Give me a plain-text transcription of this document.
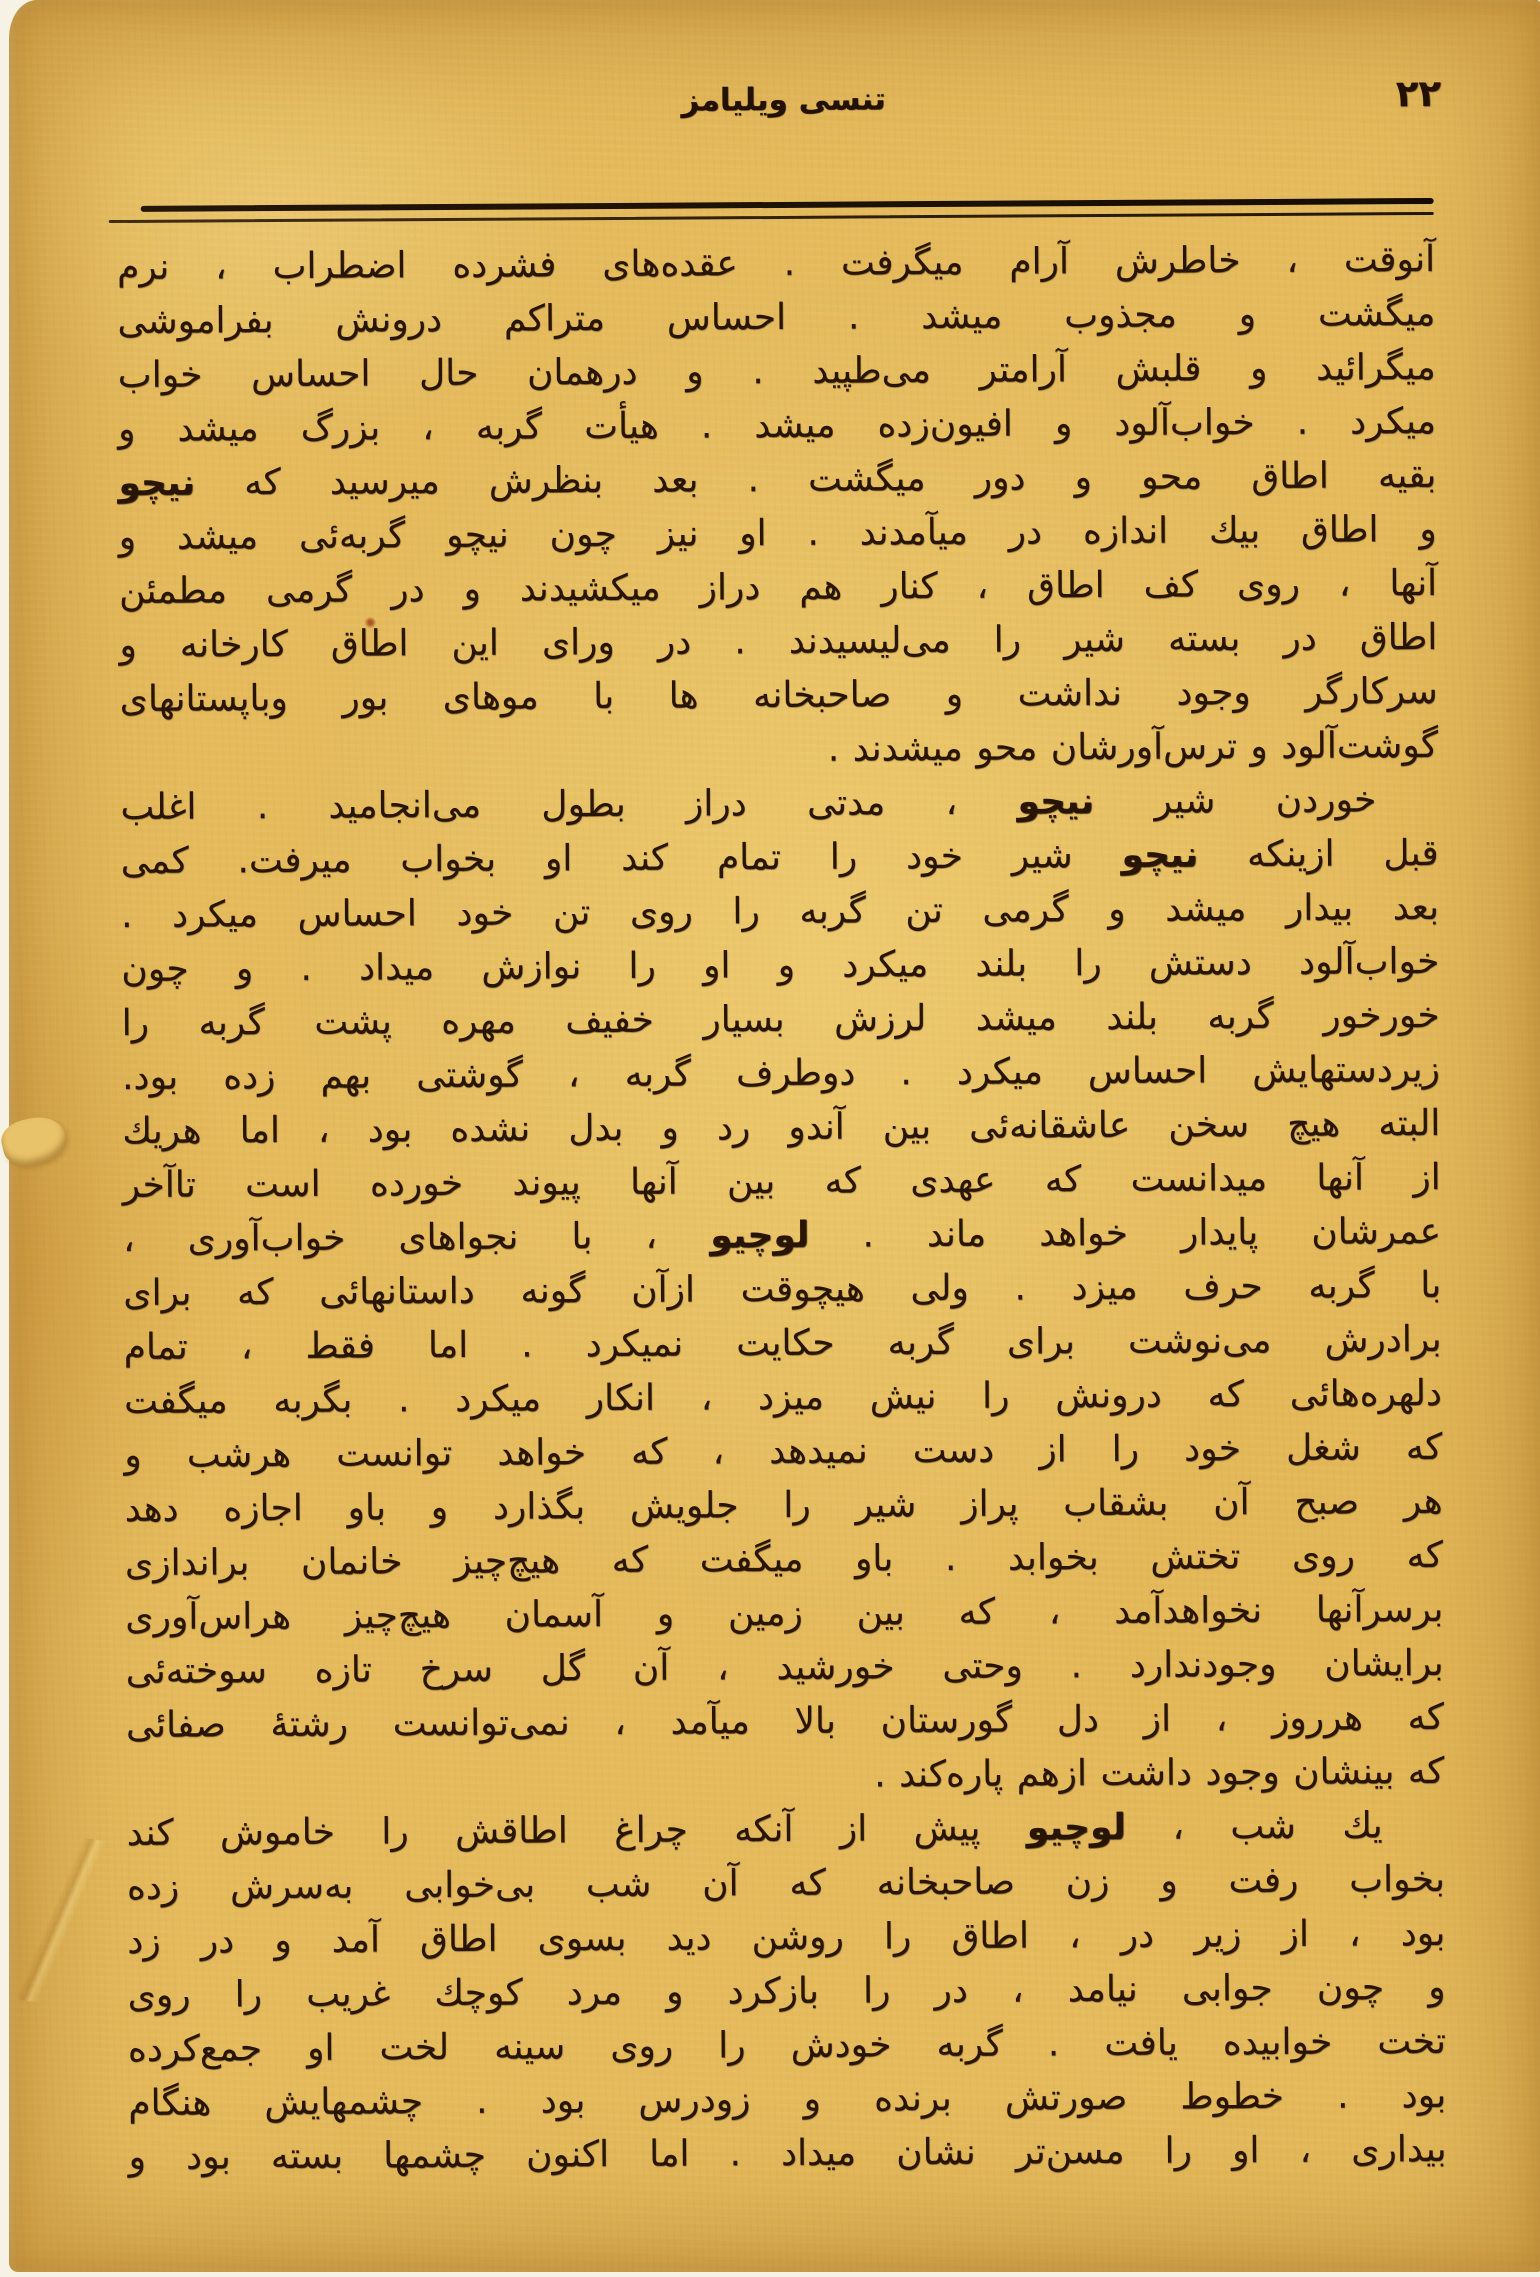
٢٢
تنسی ویلیامز
آنوقت ، خاطرش آرام میگرفت . عقده‌های فشرده اضطراب ، نرم
میگشت و مجذوب میشد . احساس متراکم درونش بفراموشی
میگرائید و قلبش آرامتر می‌طپید . و درهمان حال احساس خواب
میکرد . خواب‌آلود و افیون‌زده میشد . هیأت گربه ، بزرگ میشد و
بقیه اطاق محو و دور میگشت . بعد بنظرش میرسید که نیچو
و اطاق بیك اندازه در میآمدند . او نیز چون نیچو گربه‌ئی میشد و
آنها ، روی کف اطاق ، کنار هم دراز میکشیدند و در گرمی مطمئن
اطاق در بسته شیر را می‌لیسیدند . در ورای این اطاق کارخانه و
سرکارگر وجود نداشت و صاحبخانه ها با موهای بور وباپستانهای
گوشت‌آلود و ترس‌آورشان محو میشدند .
خوردن شیر نیچو ، مدتی دراز بطول می‌انجامید . اغلب
قبل ازینکه نیچو شیر خود را تمام کند او بخواب میرفت. کمی
بعد بیدار میشد و گرمی تن گربه را روی تن خود احساس میکرد .
خواب‌آلود دستش را بلند میکرد و او را نوازش میداد . و چون
خورخور گربه بلند میشد لرزش بسیار خفیف مهره پشت گربه را
زیردستهایش احساس میکرد . دوطرف گربه ، گوشتی بهم زده بود.
البته هیچ سخن عاشقانه‌ئی بین آندو رد و بدل نشده بود ، اما هریك
از آنها میدانست که عهدی که بین آنها پیوند خورده است تاآخر
عمرشان پایدار خواهد ماند . لوچیو ، با نجواهای خواب‌آوری ،
با گربه حرف میزد . ولی هیچوقت ازآن گونه داستانهائی که برای
برادرش می‌نوشت برای گربه حکایت نمیکرد . اما فقط ، تمام
دلهره‌هائی که درونش را نیش میزد ، انکار میکرد . بگربه میگفت
که شغل خود را از دست نمیدهد ، که خواهد توانست هرشب و
هر صبح آن بشقاب پراز شیر را جلویش بگذارد و باو اجازه دهد
که روی تختش بخوابد . باو میگفت که هیچ‌چیز خانمان براندازی
برسرآنها نخواهدآمد ، که بین زمین و آسمان هیچ‌چیز هراس‌آوری
برایشان وجودندارد . وحتی خورشید ، آن گل سرخ تازه سوخته‌ئی
که هرروز ، از دل گورستان بالا میآمد ، نمی‌توانست رشتهٔ صفائی
که بینشان وجود داشت ازهم پاره‌کند .
یك شب ، لوچیو پیش از آنکه چراغ اطاقش را خاموش کند
بخواب رفت و زن صاحبخانه که آن شب بی‌خوابی به‌سرش زده
بود ، از زیر در ، اطاق را روشن دید بسوی اطاق آمد و در زد
و چون جوابی نیامد ، در را بازکرد و مرد کوچك غریب را روی
تخت خوابیده یافت . گربه خودش را روی سینه لخت او جمع‌کرده
بود . خطوط صورتش برنده و زودرس بود . چشمهایش هنگام
بیداری ، او را مسن‌تر نشان میداد . اما اکنون چشمها بسته بود و
